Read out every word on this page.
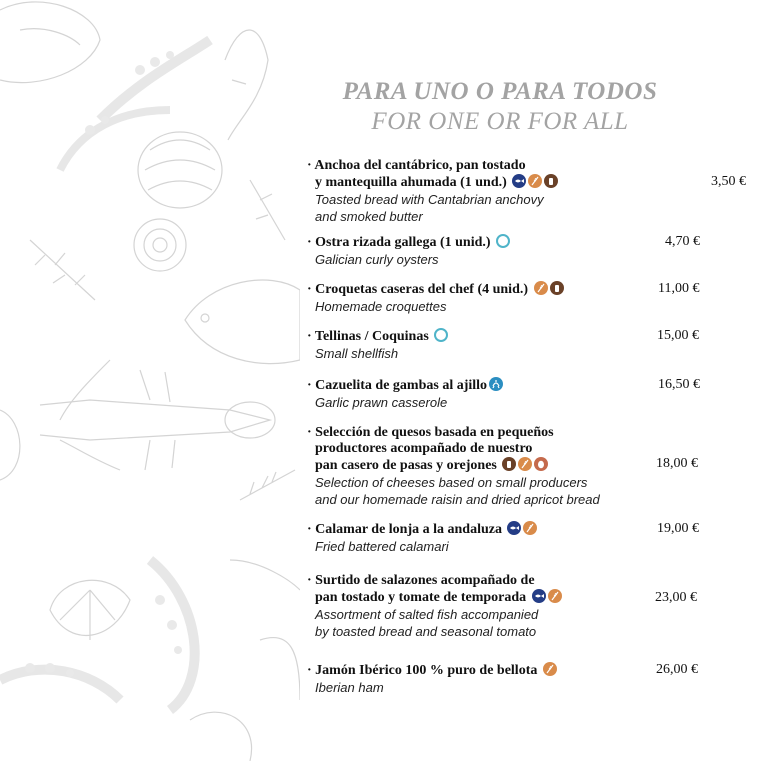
PARA UNO O PARA TODOS
FOR ONE OR FOR ALL
· Anchoa del cantábrico, pan tostado
y mantequilla ahumada (1 und.)
Toasted bread with Cantabrian anchovy
and smoked butter
3,50 €
· Ostra rizada gallega (1 unid.)
Galician curly oysters
4,70 €
· Croquetas caseras del chef (4 unid.)
Homemade croquettes
11,00 €
· Tellinas / Coquinas
Small shellfish
15,00 €
· Cazuelita de gambas al ajillo
Garlic prawn casserole
16,50 €
· Selección de quesos basada en pequeños
productores acompañado de nuestro
pan casero de pasas y orejones
Selection of cheeses based on small producers
and our homemade raisin and dried apricot bread
18,00 €
· Calamar de lonja a la andaluza
Fried battered calamari
19,00 €
· Surtido de salazones acompañado de
pan tostado y tomate de temporada
Assortment of salted fish accompanied
by toasted bread and seasonal tomato
23,00 €
· Jamón Ibérico 100 % puro de bellota
Iberian ham
26,00 €
